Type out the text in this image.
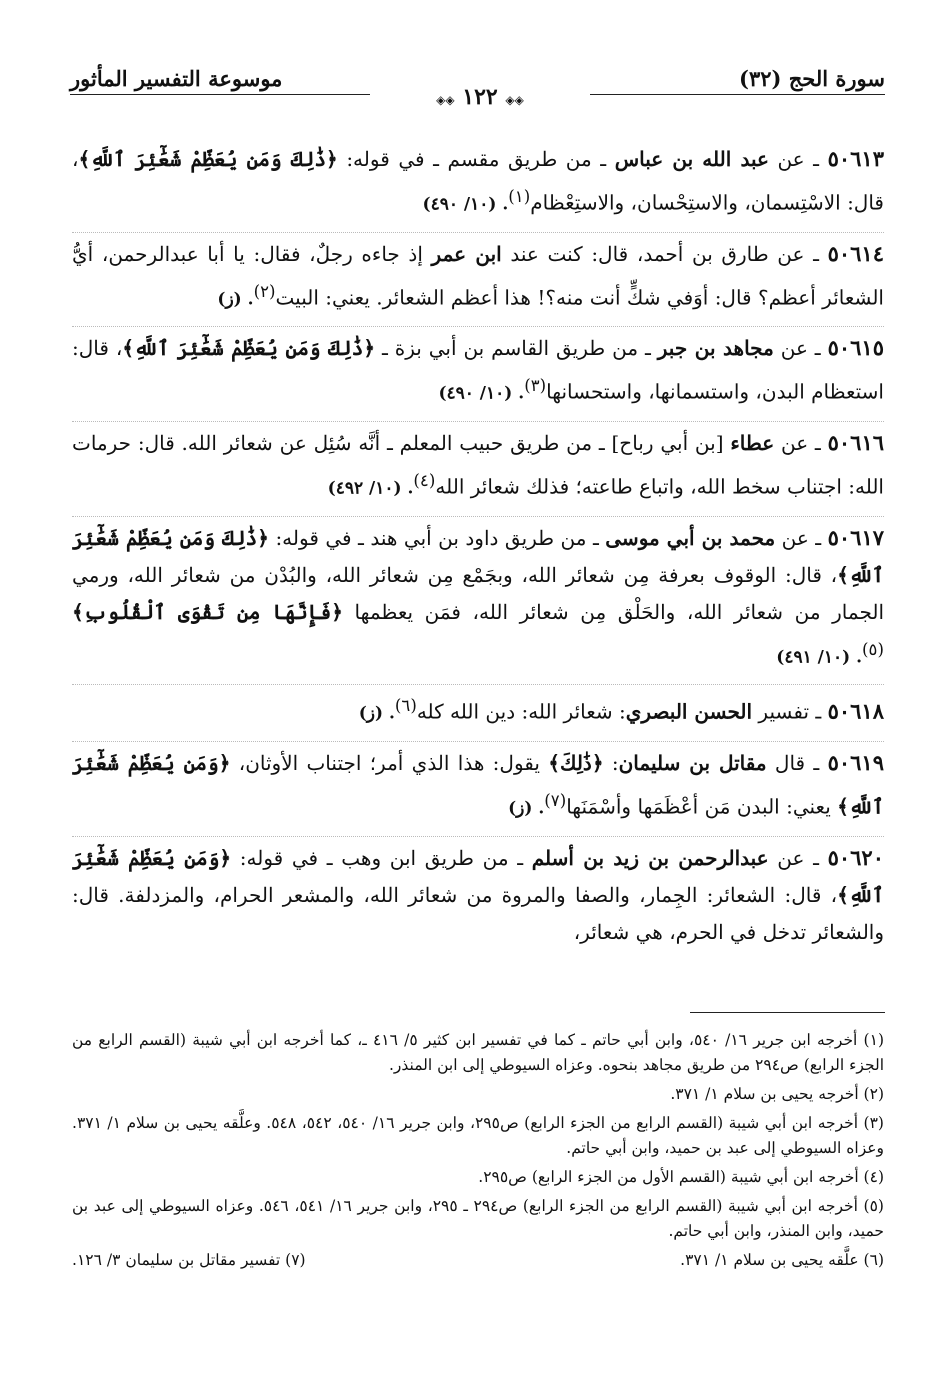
موسوعة التفسير المأثور	سورة الحج (٣٢)
◈◈ ١٢٢ ◈◈

٥٠٦١٣ ـ عن عبد الله بن عباس ـ من طريق مقسم ـ في قوله: ﴿ذَٰلِكَ وَمَن يُعَظِّمْ شَعَٰٓئِرَ ٱللَّهِ﴾، قال: الاسْتِسمان، والاستِحْسان، والاستِعْظام$^{(١)}$. (١٠/ ٤٩٠)

٥٠٦١٤ ـ عن طارق بن أحمد، قال: كنت عند ابن عمر إذ جاءه رجلٌ، فقال: يا أبا عبدالرحمن، أيُّ الشعائر أعظم؟ قال: أوَفي شكٍّ أنت منه؟! هذا أعظم الشعائر. يعني: البيت$^{(٢)}$. (ز)

٥٠٦١٥ ـ عن مجاهد بن جبر ـ من طريق القاسم بن أبي بزة ـ ﴿ذَٰلِكَ وَمَن يُعَظِّمْ شَعَٰٓئِرَ ٱللَّهِ﴾، قال: استعظام البدن، واستسمانها، واستحسانها$^{(٣)}$. (١٠/ ٤٩٠)

٥٠٦١٦ ـ عن عطاء [بن أبي رباح] ـ من طريق حبيب المعلم ـ أنَّه سُئِل عن شعائر الله. قال: حرمات الله: اجتناب سخط الله، واتباع طاعته؛ فذلك شعائر الله$^{(٤)}$. (١٠/ ٤٩٢)

٥٠٦١٧ ـ عن محمد بن أبي موسى ـ من طريق داود بن أبي هند ـ في قوله: ﴿ذَٰلِكَ وَمَن يُعَظِّمْ شَعَٰٓئِرَ ٱللَّهِ﴾، قال: الوقوف بعرفة مِن شعائر الله، وبجَمْع مِن شعائر الله، والبُدْن من شعائر الله، ورمي الجمار من شعائر الله، والحَلْق مِن شعائر الله، فمَن يعظمها ﴿فَإِنَّهَا مِن تَقْوَى ٱلْقُلُوبِ﴾$^{(٥)}$. (١٠/ ٤٩١)

٥٠٦١٨ ـ تفسير الحسن البصري: شعائر الله: دين الله كله$^{(٦)}$. (ز)

٥٠٦١٩ ـ قال مقاتل بن سليمان: ﴿ذَٰلِكَ﴾ يقول: هذا الذي أمر؛ اجتناب الأوثان، ﴿وَمَن يُعَظِّمْ شَعَٰٓئِرَ ٱللَّهِ﴾ يعني: البدن مَن أعْظَمَها وأسْمَنَها$^{(٧)}$. (ز)

٥٠٦٢٠ ـ عن عبدالرحمن بن زيد بن أسلم ـ من طريق ابن وهب ـ في قوله: ﴿وَمَن يُعَظِّمْ شَعَٰٓئِرَ ٱللَّهِ﴾، قال: الشعائر: الجِمار، والصفا والمروة من شعائر الله، والمشعر الحرام، والمزدلفة. قال: والشعائر تدخل في الحرم، هي شعائر،

(١) أخرجه ابن جرير ١٦/ ٥٤٠، وابن أبي حاتم ـ كما في تفسير ابن كثير ٥/ ٤١٦ ـ، كما أخرجه ابن أبي شيبة (القسم الرابع من الجزء الرابع) ص٢٩٤ من طريق مجاهد بنحوه. وعزاه السيوطي إلى ابن المنذر.

(٢) أخرجه يحيى بن سلام ١/ ٣٧١.

(٣) أخرجه ابن أبي شيبة (القسم الرابع من الجزء الرابع) ص٢٩٥، وابن جرير ١٦/ ٥٤٠، ٥٤٢، ٥٤٨. وعلَّقه يحيى بن سلام ١/ ٣٧١. وعزاه السيوطي إلى عبد بن حميد، وابن أبي حاتم.

(٤) أخرجه ابن أبي شيبة (القسم الأول من الجزء الرابع) ص٢٩٥.

(٥) أخرجه ابن أبي شيبة (القسم الرابع من الجزء الرابع) ص٢٩٤ ـ ٢٩٥، وابن جرير ١٦/ ٥٤١، ٥٤٦. وعزاه السيوطي إلى عبد بن حميد، وابن المنذر، وابن أبي حاتم.

(٦) علَّقه يحيى بن سلام ١/ ٣٧١.
(٧) تفسير مقاتل بن سليمان ٣/ ١٢٦.
